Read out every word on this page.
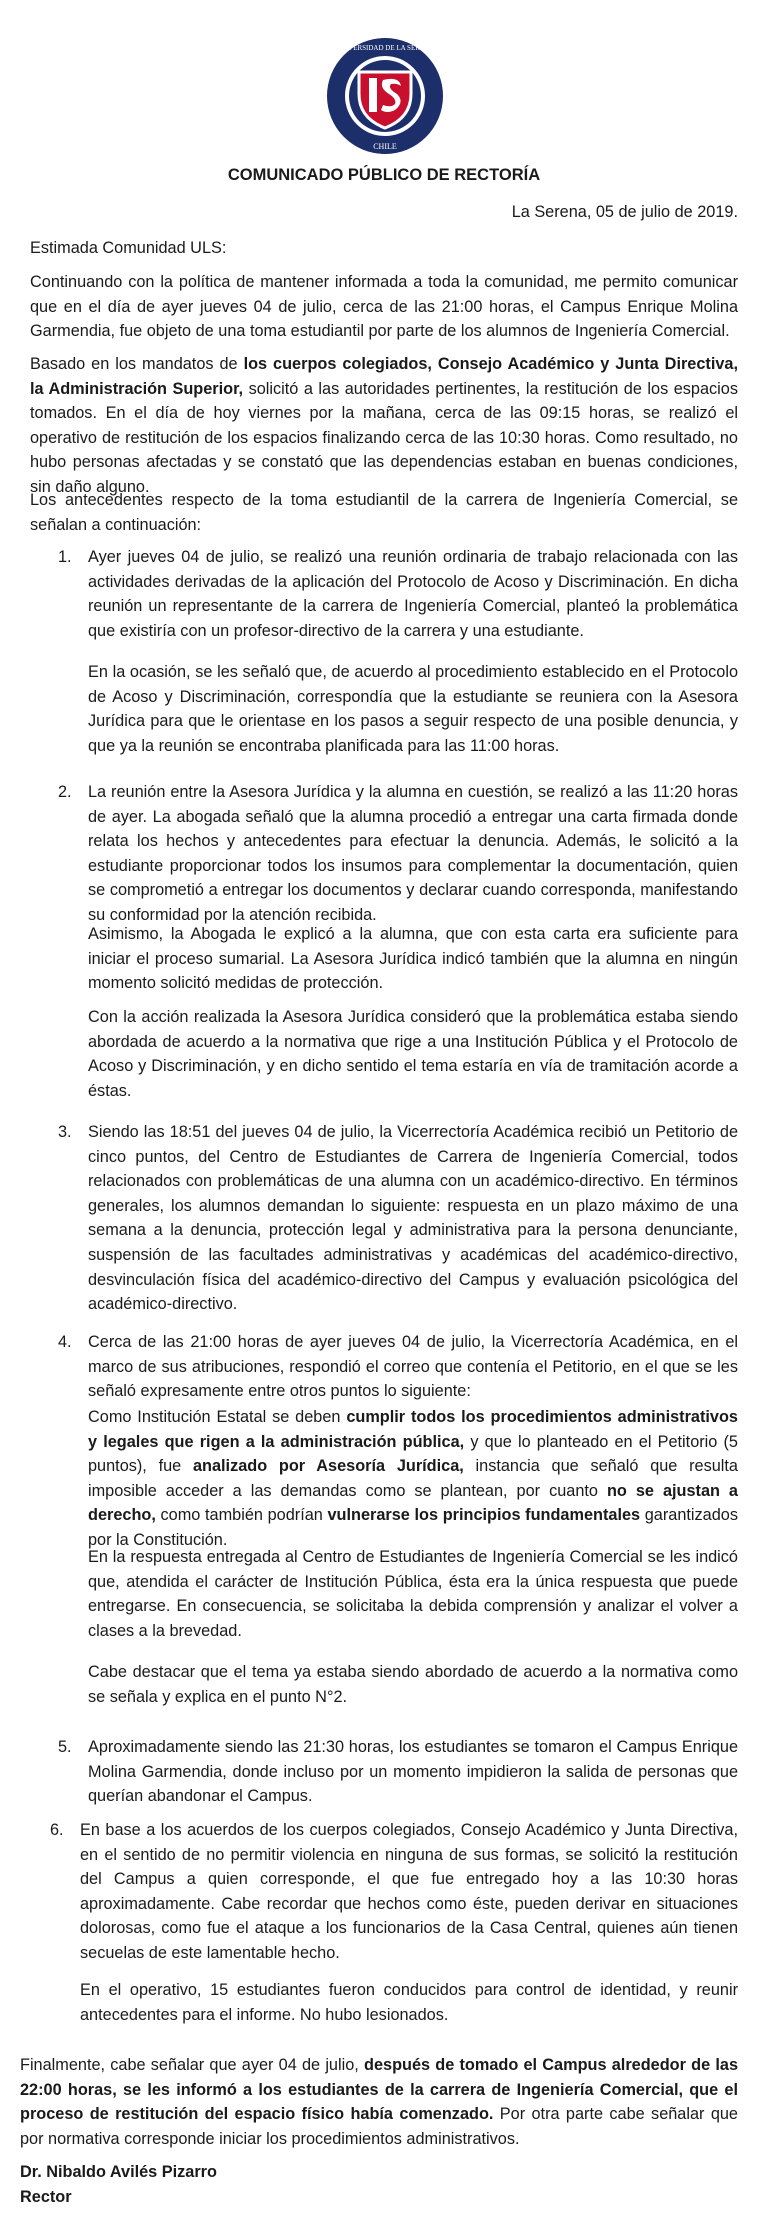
UNIVERSIDAD DE LA SERENA
CHILE
COMUNICADO PÚBLICO DE RECTORÍA
La Serena, 05 de julio de 2019.
Estimada Comunidad ULS:
Continuando con la política de mantener informada a toda la comunidad, me permito comunicar que en el día de ayer jueves 04 de julio, cerca de las 21:00 horas, el Campus Enrique Molina Garmendia, fue objeto de una toma estudiantil por parte de los alumnos de Ingeniería Comercial.
Basado en los mandatos de los cuerpos colegiados, Consejo Académico y Junta Directiva, la Administración Superior, solicitó a las autoridades pertinentes, la restitución de los espacios tomados. En el día de hoy viernes por la mañana, cerca de las 09:15 horas, se realizó el operativo de restitución de los espacios finalizando cerca de las 10:30 horas. Como resultado, no hubo personas afectadas y se constató que las dependencias estaban en buenas condiciones, sin daño alguno.
Los antecedentes respecto de la toma estudiantil de la carrera de Ingeniería Comercial, se señalan a continuación:
1. Ayer jueves 04 de julio, se realizó una reunión ordinaria de trabajo relacionada con las actividades derivadas de la aplicación del Protocolo de Acoso y Discriminación. En dicha reunión un representante de la carrera de Ingeniería Comercial, planteó la problemática que existiría con un profesor-directivo de la carrera y una estudiante.
En la ocasión, se les señaló que, de acuerdo al procedimiento establecido en el Protocolo de Acoso y Discriminación, correspondía que la estudiante se reuniera con la Asesora Jurídica para que le orientase en los pasos a seguir respecto de una posible denuncia, y que ya la reunión se encontraba planificada para las 11:00 horas.
2. La reunión entre la Asesora Jurídica y la alumna en cuestión, se realizó a las 11:20 horas de ayer. La abogada señaló que la alumna procedió a entregar una carta firmada donde relata los hechos y antecedentes para efectuar la denuncia. Además, le solicitó a la estudiante proporcionar todos los insumos para complementar la documentación, quien se comprometió a entregar los documentos y declarar cuando corresponda, manifestando su conformidad por la atención recibida.
Asimismo, la Abogada le explicó a la alumna, que con esta carta era suficiente para iniciar el proceso sumarial. La Asesora Jurídica indicó también que la alumna en ningún momento solicitó medidas de protección.
Con la acción realizada la Asesora Jurídica consideró que la problemática estaba siendo abordada de acuerdo a la normativa que rige a una Institución Pública y el Protocolo de Acoso y Discriminación, y en dicho sentido el tema estaría en vía de tramitación acorde a éstas.
3. Siendo las 18:51 del jueves 04 de julio, la Vicerrectoría Académica recibió un Petitorio de cinco puntos, del Centro de Estudiantes de Carrera de Ingeniería Comercial, todos relacionados con problemáticas de una alumna con un académico-directivo. En términos generales, los alumnos demandan lo siguiente: respuesta en un plazo máximo de una semana a la denuncia, protección legal y administrativa para la persona denunciante, suspensión de las facultades administrativas y académicas del académico-directivo, desvinculación física del académico-directivo del Campus y evaluación psicológica del académico-directivo.
4. Cerca de las 21:00 horas de ayer jueves 04 de julio, la Vicerrectoría Académica, en el marco de sus atribuciones, respondió el correo que contenía el Petitorio, en el que se les señaló expresamente entre otros puntos lo siguiente:
Como Institución Estatal se deben cumplir todos los procedimientos administrativos y legales que rigen a la administración pública, y que lo planteado en el Petitorio (5 puntos), fue analizado por Asesoría Jurídica, instancia que señaló que resulta imposible acceder a las demandas como se plantean, por cuanto no se ajustan a derecho, como también podrían vulnerarse los principios fundamentales garantizados por la Constitución.
En la respuesta entregada al Centro de Estudiantes de Ingeniería Comercial se les indicó que, atendida el carácter de Institución Pública, ésta era la única respuesta que puede entregarse. En consecuencia, se solicitaba la debida comprensión y analizar el volver a clases a la brevedad.
Cabe destacar que el tema ya estaba siendo abordado de acuerdo a la normativa como se señala y explica en el punto N°2.
5. Aproximadamente siendo las 21:30 horas, los estudiantes se tomaron el Campus Enrique Molina Garmendia, donde incluso por un momento impidieron la salida de personas que querían abandonar el Campus.
6. En base a los acuerdos de los cuerpos colegiados, Consejo Académico y Junta Directiva, en el sentido de no permitir violencia en ninguna de sus formas, se solicitó la restitución del Campus a quien corresponde, el que fue entregado hoy a las 10:30 horas aproximadamente. Cabe recordar que hechos como éste, pueden derivar en situaciones dolorosas, como fue el ataque a los funcionarios de la Casa Central, quienes aún tienen secuelas de este lamentable hecho.
En el operativo, 15 estudiantes fueron conducidos para control de identidad, y reunir antecedentes para el informe. No hubo lesionados.
Finalmente, cabe señalar que ayer 04 de julio, después de tomado el Campus alrededor de las 22:00 horas, se les informó a los estudiantes de la carrera de Ingeniería Comercial, que el proceso de restitución del espacio físico había comenzado. Por otra parte cabe señalar que por normativa corresponde iniciar los procedimientos administrativos.
Dr. Nibaldo Avilés Pizarro
Rector
